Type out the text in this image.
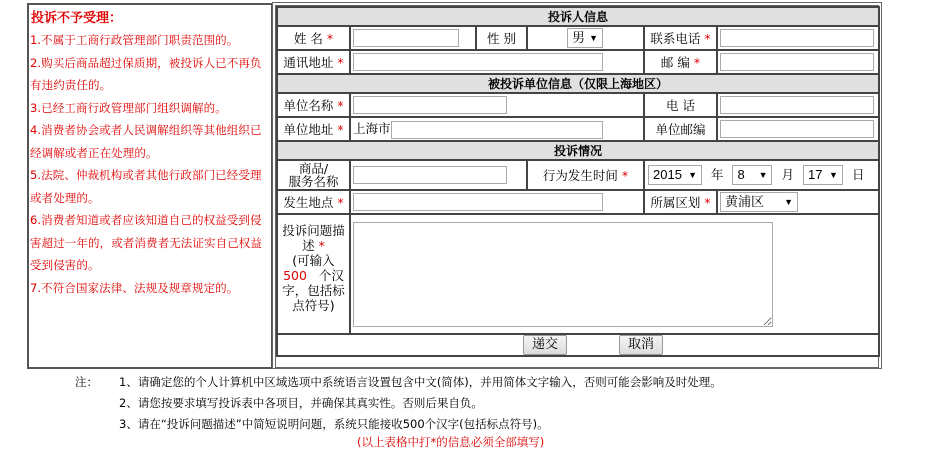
投诉不予受理：
1.不属于工商行政管理部门职责范围的。
2.购买后商品超过保质期，被投诉人已不再负有违约责任的。
3.已经工商行政管理部门组织调解的。
4.消费者协会或者人民调解组织等其他组织已经调解或者正在处理的。
5.法院、仲裁机构或者其他行政部门已经受理或者处理的。
6.消费者知道或者应该知道自己的权益受到侵害超过一年的，或者消费者无法证实自己权益受到侵害的。
7.不符合国家法律、法规及规章规定的。
投诉人信息					
姓 名 *		性 别	男 ▼	联系电话 *	
通讯地址 *				邮 编 *	
被投诉单位信息（仅限上海地区）					
单位名称 *				电 话	
单位地址 *	上海市			单位邮编	
投诉情况					
商品/
服务名称		行为发生时间 *	2015 ▼ 年 8 ▼ 月 17 ▼ 日
发生地点 *				所属区划 *	黄浦区 ▼

投诉问题描
述 *
(可输入
500 个汉
字，包括标
点符号)	

递交 取消					
注： 1、请确定您的个人计算机中区域选项中系统语言设置包含中文(简体)，并用简体文字输入，否则可能会影响及时处理。
2、请您按要求填写投诉表中各项目，并确保其真实性。否则后果自负。
3、请在“投诉问题描述”中简短说明问题，系统只能接收500个汉字(包括标点符号)。
(以上表格中打*的信息必须全部填写)
